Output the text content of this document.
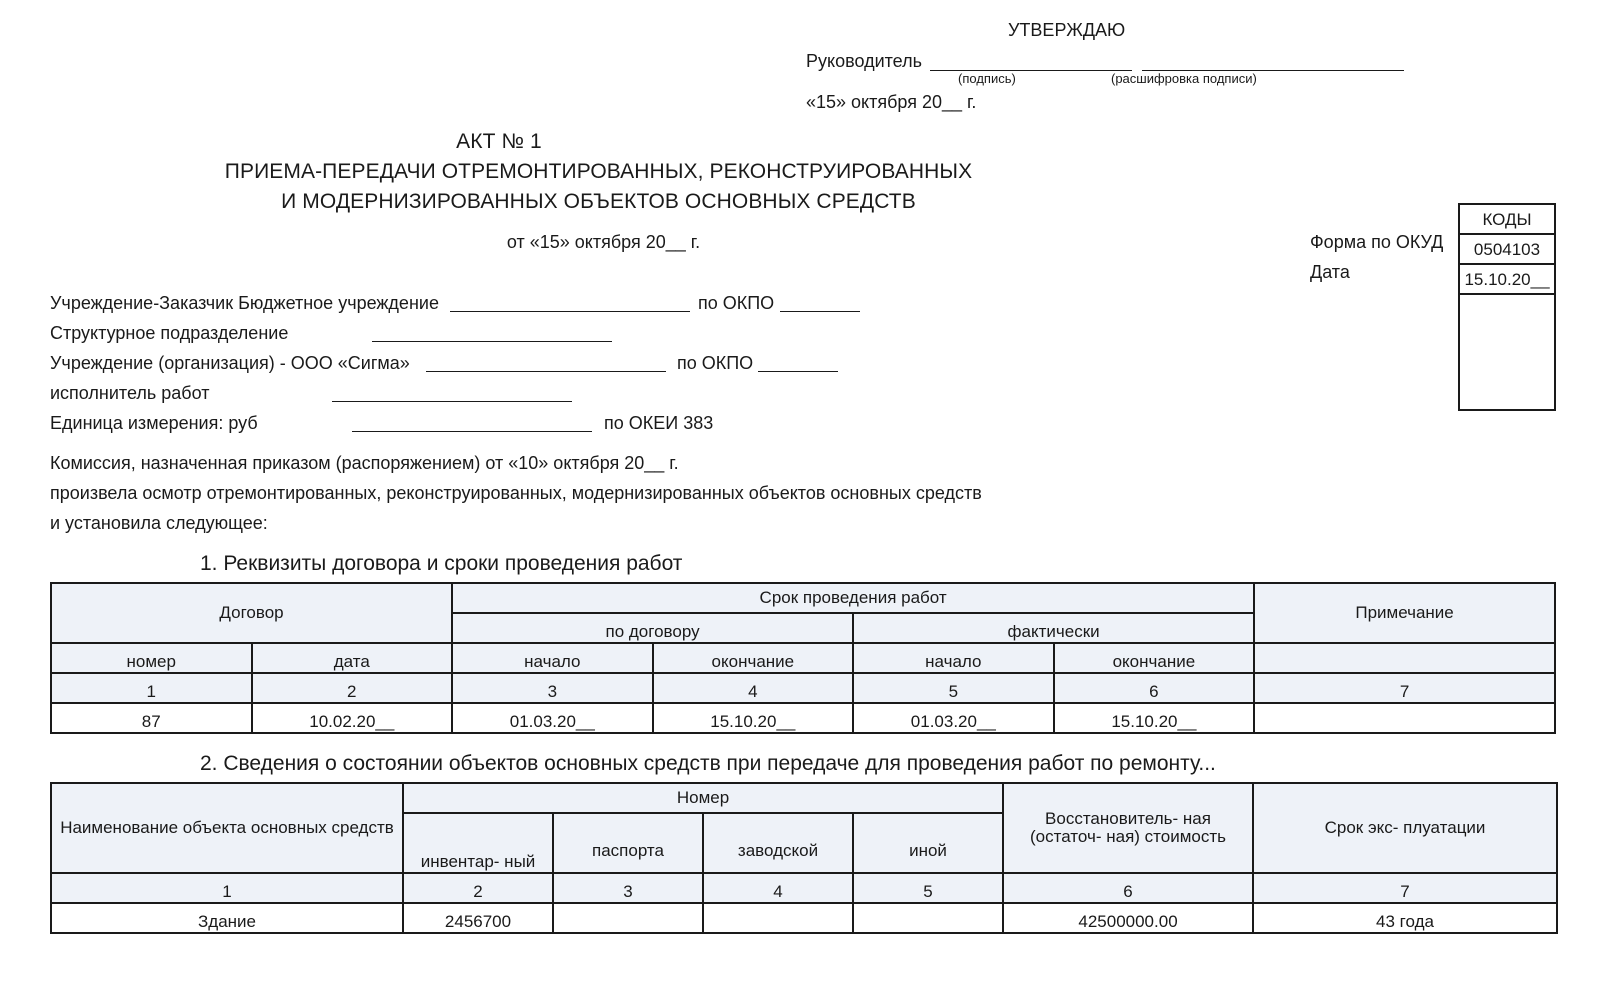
УТВЕРЖДАЮ
Руководитель
(подпись)	(расшифровка подписи)
«15» октября 20__ г.
АКТ № 1
ПРИЕМА-ПЕРЕДАЧИ ОТРЕМОНТИРОВАННЫХ, РЕКОНСТРУИРОВАННЫХ
И МОДЕРНИЗИРОВАННЫХ ОБЪЕКТОВ ОСНОВНЫХ СРЕДСТВ
от «15» октября 20__ г.
КОДЫ
0504103
15.10.20__
Форма по ОКУД
Дата
Учреждение-Заказчик Бюджетное учреждение	по ОКПО
Структурное подразделение
Учреждение (организация) - ООО «Сигма»	по ОКПО
исполнитель работ
Единица измерения: руб	по ОКЕИ 383
Комиссия, назначенная приказом (распоряжением) от «10» октября 20__ г.
произвела осмотр отремонтированных, реконструированных, модернизированных объектов основных средств
и установила следующее:
1. Реквизиты договора и сроки проведения работ
Договор		Срок проведения работ				Примечание
		по договору		фактически		
номер	дата	начало	окончание	начало	окончание	
1	2	3	4	5	6	7
87	10.02.20__	01.03.20__	15.10.20__	01.03.20__	15.10.20__	
2. Сведения о состоянии объектов основных средств при передаче для проведения работ по ремонту...
Наименование объекта основных средств	Номер				Восстановитель- ная (остаточ- ная) стоимость	Срок экс- плуатации
	инвентар- ный	паспорта	заводской	иной		
1	2	3	4	5	6	7
Здание	2456700				42500000.00	43 года
